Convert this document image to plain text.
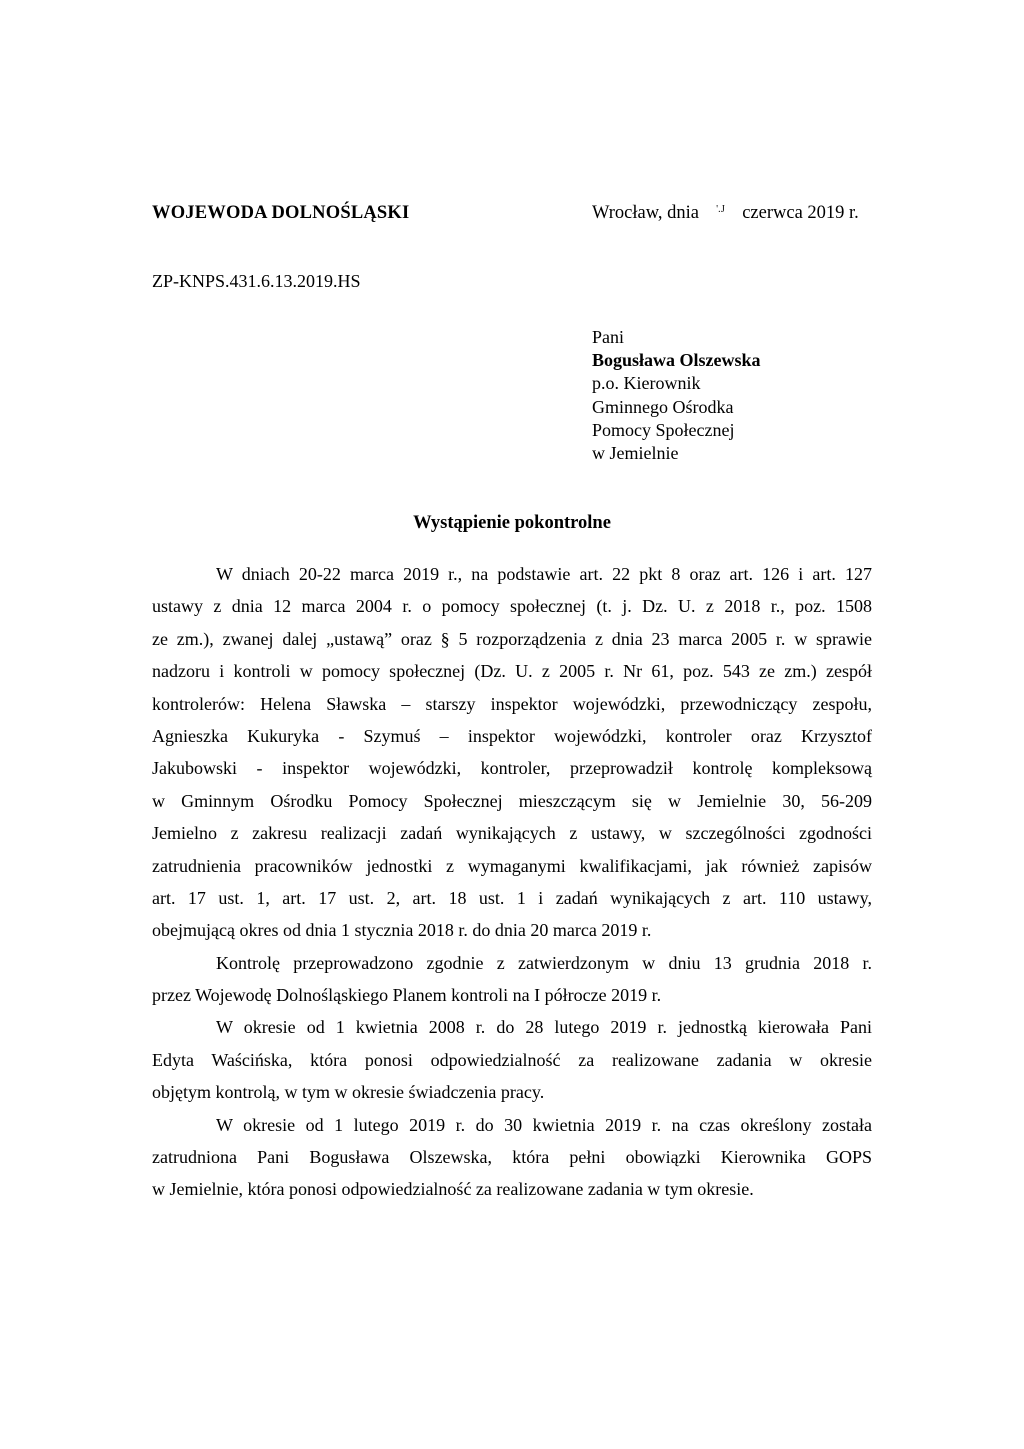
WOJEWODA DOLNOŚLĄSKI	Wrocław, dnia '.J czerwca 2019 r.
ZP-KNPS.431.6.13.2019.HS
Pani
Bogusława Olszewska
p.o. Kierownik
Gminnego Ośrodka
Pomocy Społecznej
w Jemielnie
Wystąpienie pokontrolne
W dniach 20-22 marca 2019 r., na podstawie art. 22 pkt 8 oraz art. 126 i art. 127
ustawy z dnia 12 marca 2004 r. o pomocy społecznej (t. j. Dz. U. z 2018 r., poz. 1508
ze zm.), zwanej dalej „ustawą” oraz § 5 rozporządzenia z dnia 23 marca 2005 r. w sprawie
nadzoru i kontroli w pomocy społecznej (Dz. U. z 2005 r. Nr 61, poz. 543 ze zm.) zespół
kontrolerów: Helena Sławska – starszy inspektor wojewódzki, przewodniczący zespołu,
Agnieszka Kukuryka - Szymuś – inspektor wojewódzki, kontroler oraz Krzysztof
Jakubowski - inspektor wojewódzki, kontroler, przeprowadził kontrolę kompleksową
w Gminnym Ośrodku Pomocy Społecznej mieszczącym się w Jemielnie 30, 56-209
Jemielno z zakresu realizacji zadań wynikających z ustawy, w szczególności zgodności
zatrudnienia pracowników jednostki z wymaganymi kwalifikacjami, jak również zapisów
art. 17 ust. 1, art. 17 ust. 2, art. 18 ust. 1 i zadań wynikających z art. 110 ustawy,
obejmującą okres od dnia 1 stycznia 2018 r. do dnia 20 marca 2019 r.
Kontrolę przeprowadzono zgodnie z zatwierdzonym w dniu 13 grudnia 2018 r.
przez Wojewodę Dolnośląskiego Planem kontroli na I półrocze 2019 r.
W okresie od 1 kwietnia 2008 r. do 28 lutego 2019 r. jednostką kierowała Pani
Edyta Waścińska, która ponosi odpowiedzialność za realizowane zadania w okresie
objętym kontrolą, w tym w okresie świadczenia pracy.
W okresie od 1 lutego 2019 r. do 30 kwietnia 2019 r. na czas określony została
zatrudniona Pani Bogusława Olszewska, która pełni obowiązki Kierownika GOPS
w Jemielnie, która ponosi odpowiedzialność za realizowane zadania w tym okresie.
